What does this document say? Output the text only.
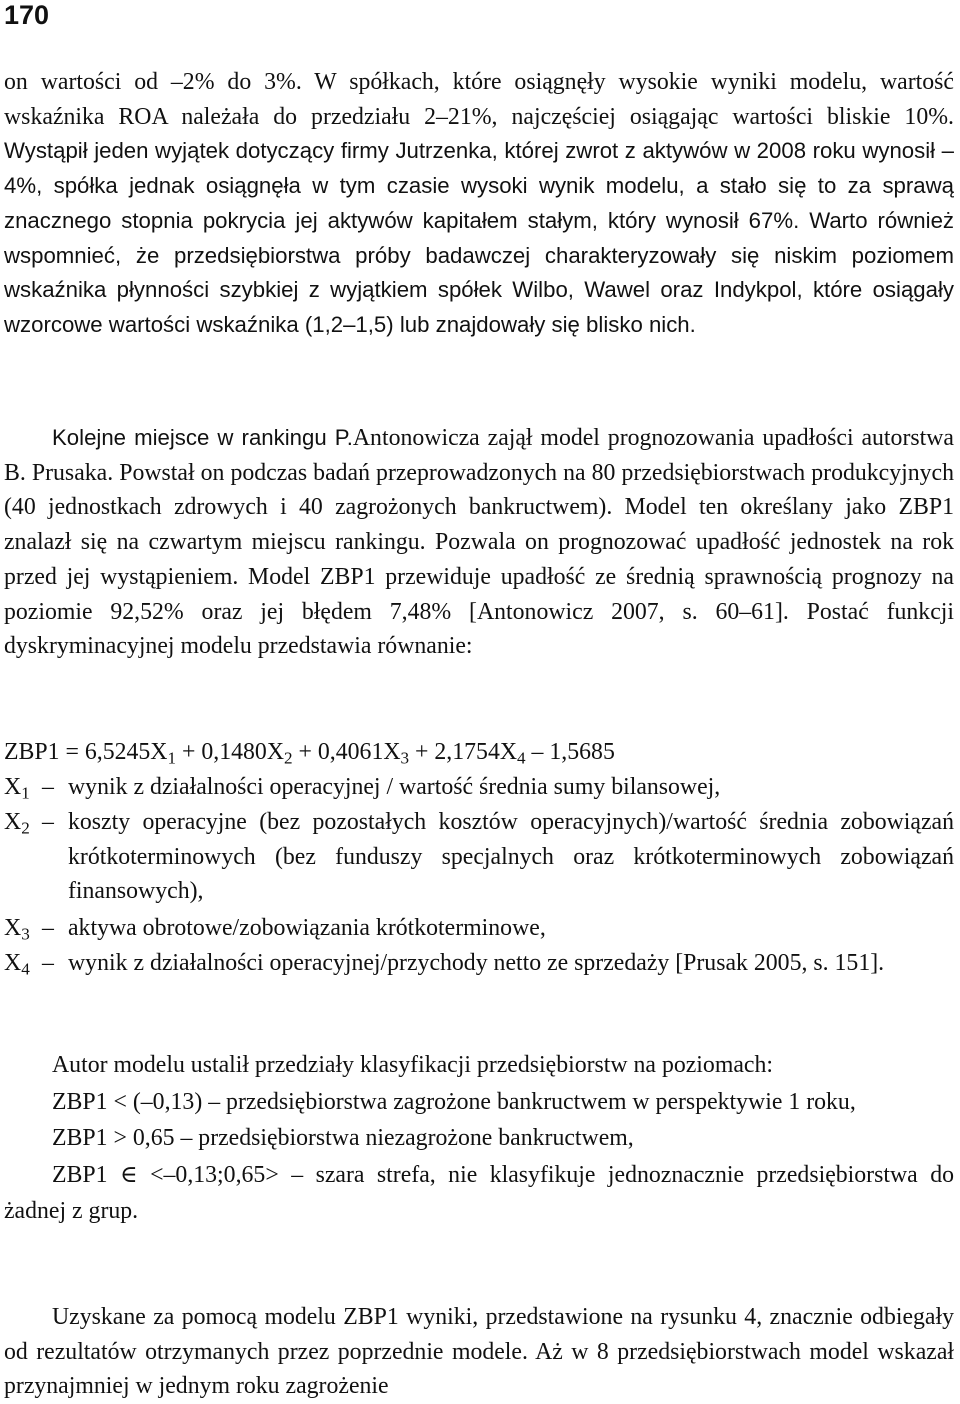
170

on wartości od –2% do 3%. W spółkach, które osiągnęły wysokie wyniki modelu, wartość wskaźnika ROA należała do przedziału 2–21%, najczęściej osiągając wartości bliskie 10%. Wystąpił jeden wyjątek dotyczący firmy Jutrzenka, której zwrot z aktywów w 2008 roku wynosił –4%, spółka jednak osiągnęła w tym czasie wysoki wynik modelu, a stało się to za sprawą znacznego stopnia pokrycia jej aktywów kapitałem stałym, który wynosił 67%. Warto również wspomnieć, że przedsiębiorstwa próby badawczej charakteryzowały się niskim poziomem wskaźnika płynności szybkiej z wyjątkiem spółek Wilbo, Wawel oraz Indykpol, które osiągały wzorcowe wartości wskaźnika (1,2–1,5) lub znajdowały się blisko nich.

Kolejne miejsce w rankingu P.Antonowicza zajął model prognozowania upadłości autorstwa B. Prusaka. Powstał on podczas badań przeprowadzonych na 80 przedsiębiorstwach produkcyjnych (40 jednostkach zdrowych i 40 zagrożonych bankructwem). Model ten określany jako ZBP1 znalazł się na czwartym miejscu rankingu. Pozwala on prognozować upadłość jednostek na rok przed jej wystąpieniem. Model ZBP1 przewiduje upadłość ze średnią sprawnością prognozy na poziomie 92,52% oraz jej błędem 7,48% [Antonowicz 2007, s. 60–61]. Postać funkcji dyskryminacyjnej modelu przedstawia równanie:

$ZBP1 = 6,5245X_1 + 0,1480X_2 + 0,4061X_3 + 2,1754X_4 - 1,5685$

$X_1$ – wynik z działalności operacyjnej / wartość średnia sumy bilansowej,
$X_2$ – koszty operacyjne (bez pozostałych kosztów operacyjnych)/wartość średnia zobowiązań krótkoterminowych (bez funduszy specjalnych oraz krótkoterminowych zobowiązań finansowych),
$X_3$ – aktywa obrotowe/zobowiązania krótkoterminowe,
$X_4$ – wynik z działalności operacyjnej/przychody netto ze sprzedaży [Prusak 2005, s. 151].
Autor modelu ustalił przedziały klasyfikacji przedsiębiorstw na poziomach:
ZBP1 < (–0,13) – przedsiębiorstwa zagrożone bankructwem w perspektywie 1 roku,
ZBP1 > 0,65 – przedsiębiorstwa niezagrożone bankructwem,
ZBP1 ∈ <–0,13;0,65> – szara strefa, nie klasyfikuje jednoznacznie przedsiębiorstwa do żadnej z grup.

Uzyskane za pomocą modelu ZBP1 wyniki, przedstawione na rysunku 4, znacznie odbiegały od rezultatów otrzymanych przez poprzednie modele. Aż w 8 przedsiębiorstwach model wskazał przynajmniej w jednym roku zagrożenie
